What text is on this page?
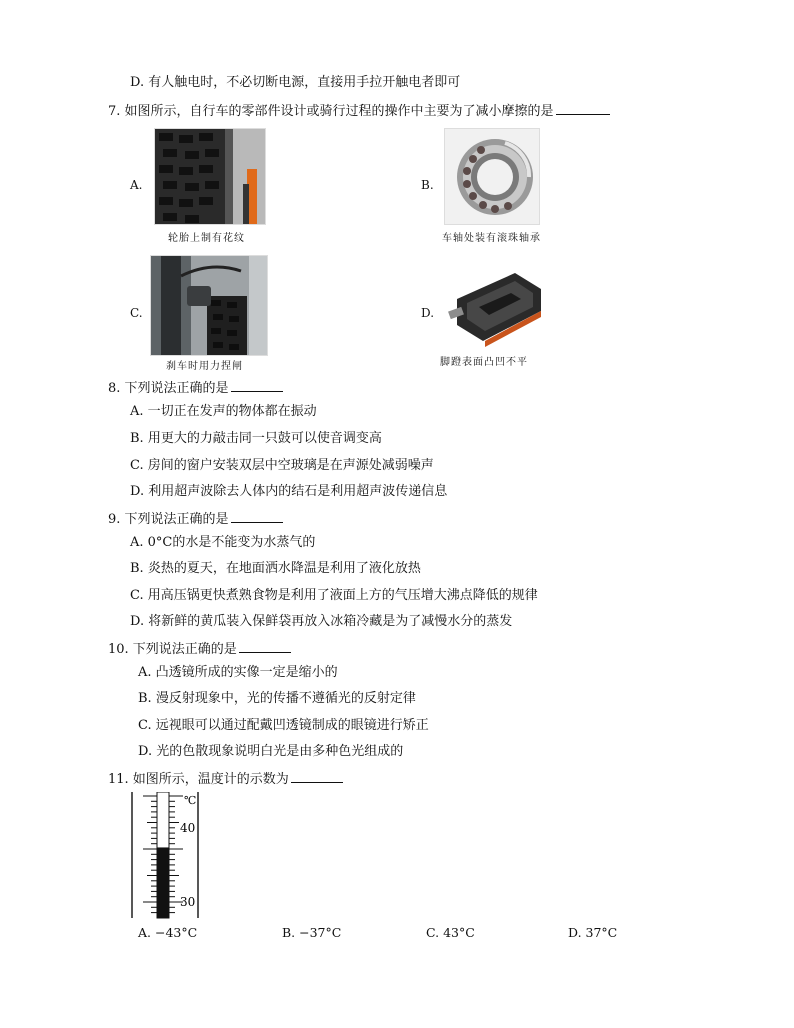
D. 有人触电时，不必切断电源，直接用手拉开触电者即可
7. 如图所示，自行车的零部件设计或骑行过程的操作中主要为了减小摩擦的是
A.
轮胎上制有花纹
B.
车轴处装有滚珠轴承
C.
刹车时用力捏闸
D.
脚蹬表面凸凹不平
8. 下列说法正确的是
A. 一切正在发声的物体都在振动
B. 用更大的力敲击同一只鼓可以使音调变高
C. 房间的窗户安装双层中空玻璃是在声源处减弱噪声
D. 利用超声波除去人体内的结石是利用超声波传递信息
9. 下列说法正确的是
A. 0°C的水是不能变为水蒸气的
B. 炎热的夏天，在地面洒水降温是利用了液化放热
C. 用高压锅更快煮熟食物是利用了液面上方的气压增大沸点降低的规律
D. 将新鲜的黄瓜装入保鲜袋再放入冰箱冷藏是为了减慢水分的蒸发
10. 下列说法正确的是
A. 凸透镜所成的实像一定是缩小的
B. 漫反射现象中，光的传播不遵循光的反射定律
C. 远视眼可以通过配戴凹透镜制成的眼镜进行矫正
D. 光的色散现象说明白光是由多种色光组成的
11. 如图所示，温度计的示数为
℃
40
30
A. −43°C	B. −37°C	C. 43°C	D. 37°C
